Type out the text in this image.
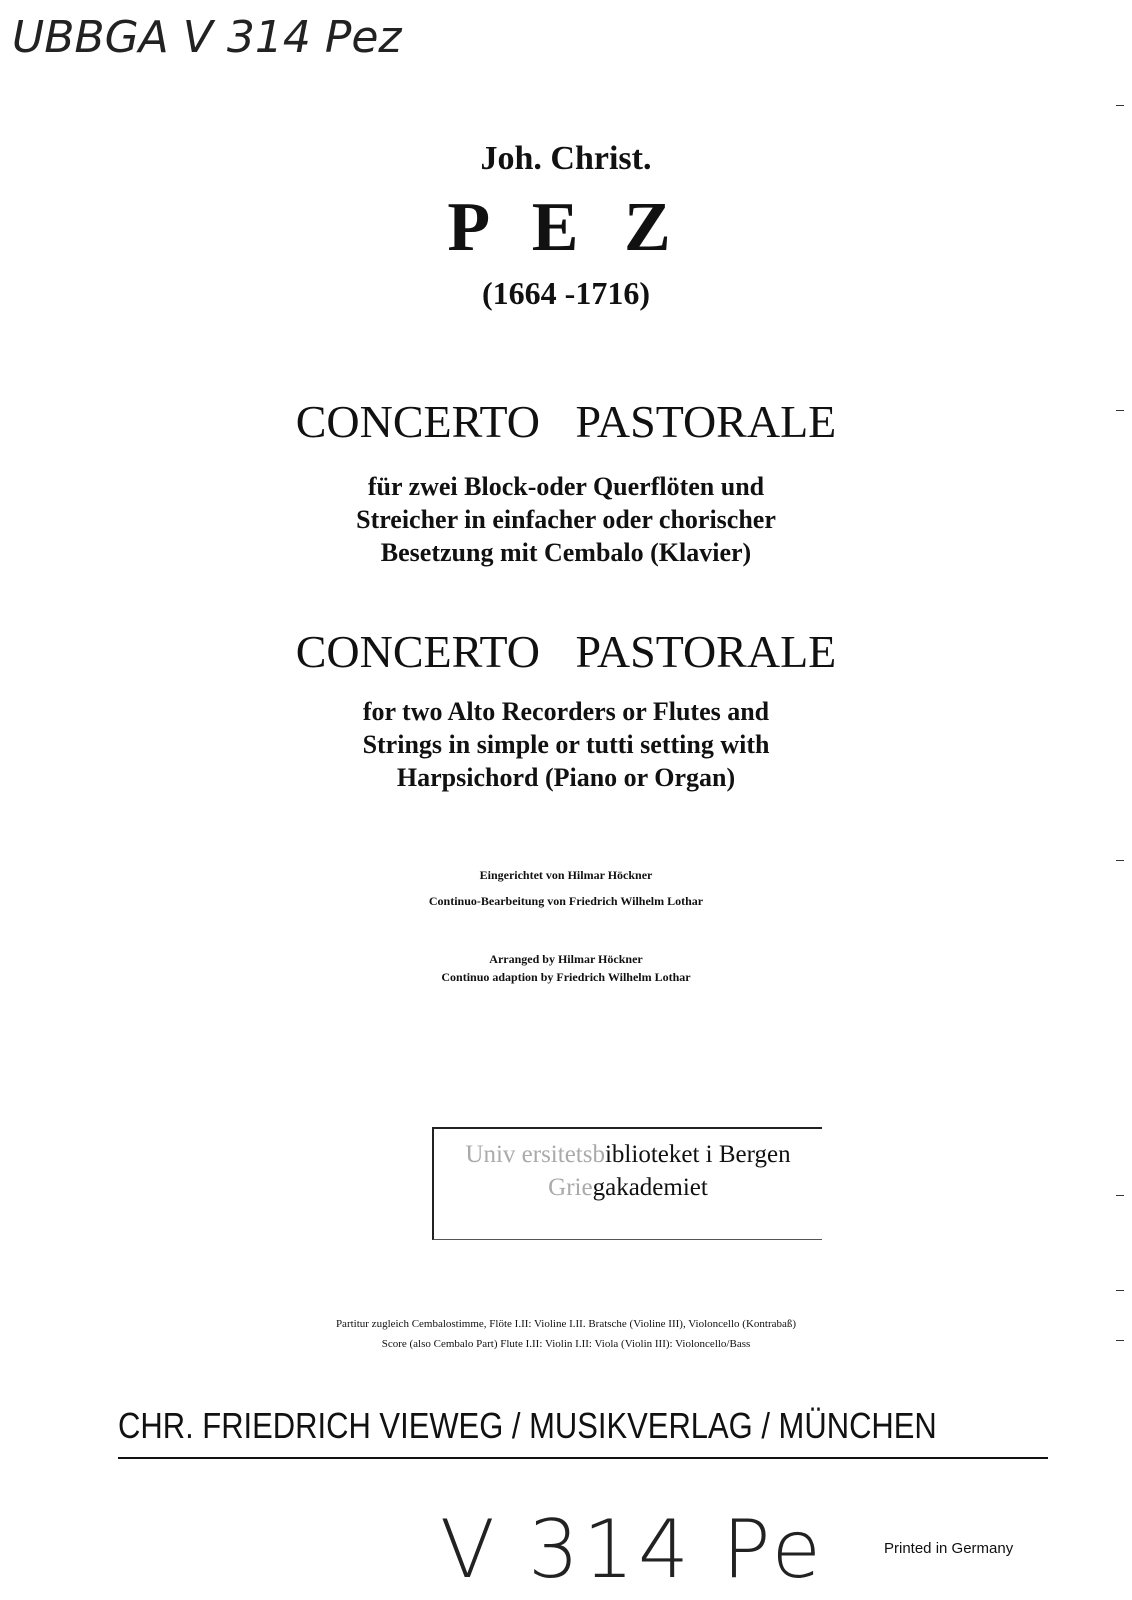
UBBGA V 314 Pez
Joh. Christ.
P E Z
(1664 -1716)
CONCERTO PASTORALE
für zwei Block-oder Querflöten und
Streicher in einfacher oder chorischer
Besetzung mit Cembalo (Klavier)
CONCERTO PASTORALE
for two Alto Recorders or Flutes and
Strings in simple or tutti setting with
Harpsichord (Piano or Organ)
Eingerichtet von Hilmar Höckner
Continuo-Bearbeitung von Friedrich Wilhelm Lothar
Arranged by Hilmar Höckner
Continuo adaption by Friedrich Wilhelm Lothar
Univ ersitetsbiblioteket i Bergen
Griegakademiet
Partitur zugleich Cembalostimme, Flöte I.II: Violine I.II. Bratsche (Violine III), Violoncello (Kontrabaß)
Score (also Cembalo Part) Flute I.II: Violin I.II: Viola (Violin III): Violoncello/Bass
CHR. FRIEDRICH VIEWEG / MUSIKVERLAG / MÜNCHEN
V 314 Pe	Printed in Germany
